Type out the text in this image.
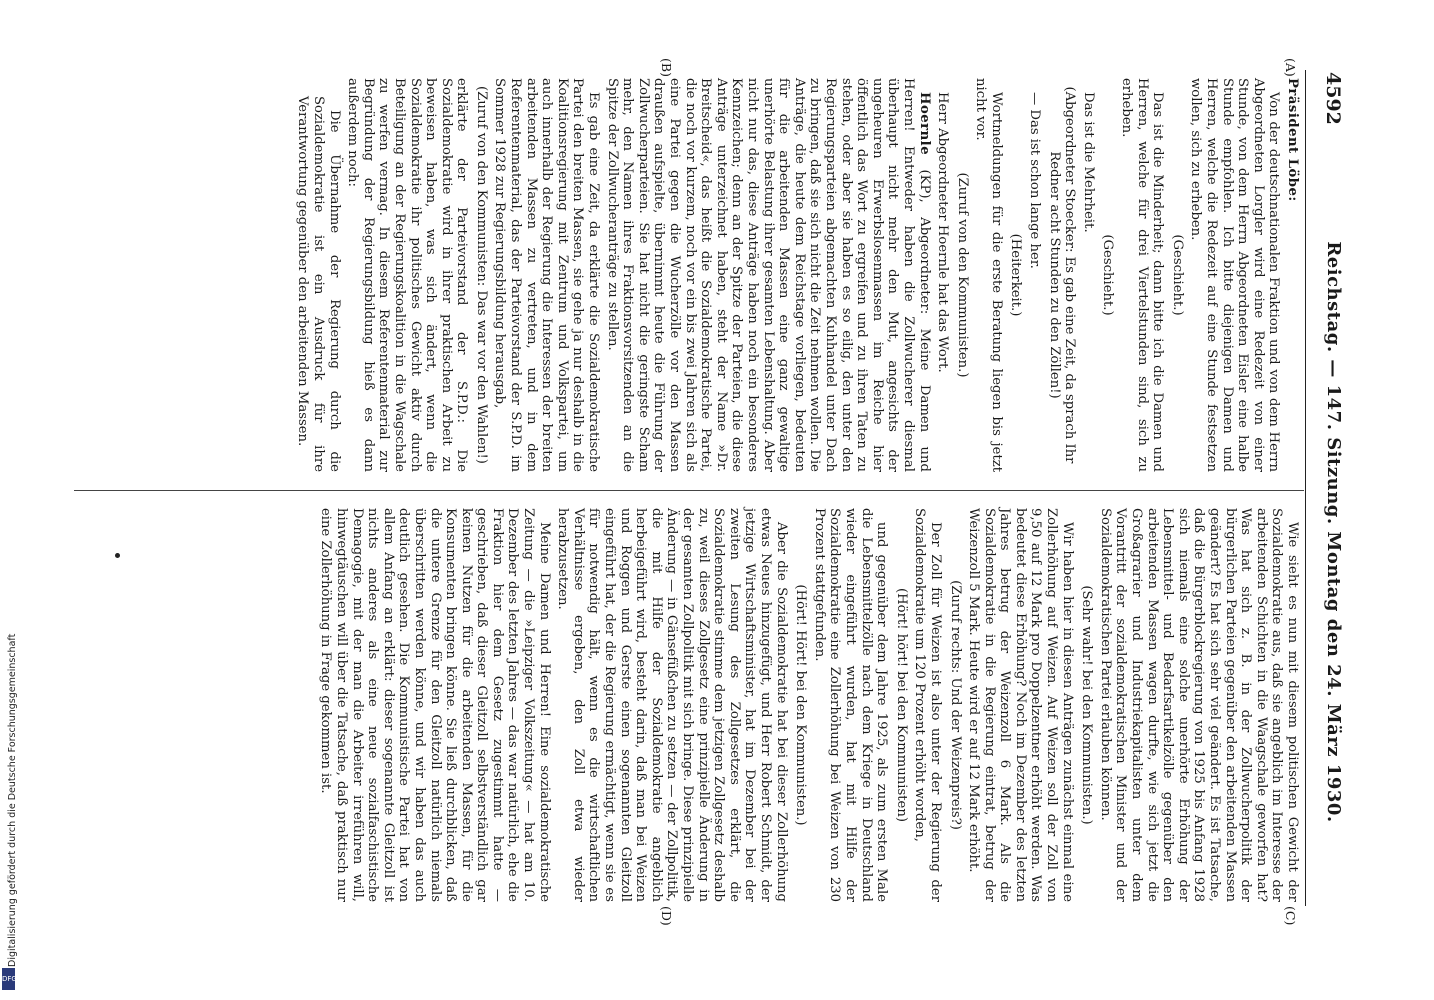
4592
Reichstag. — 147. Sitzung. Montag den 24. März 1930.
(A)
(B)
(C)
(D)

Präsident Löbe:

Von der deutschnationalen Fraktion und von dem Herrn Abgeordneten Lorgler wird eine Redezeit von einer Stunde, von dem Herrn Abgeordneten Eisler eine halbe Stunde empfohlen. Ich bitte diejenigen Damen und Herren, welche die Redezeit auf eine Stunde festsetzen wollen, sich zu erheben.

(Geschieht.)

Das ist die Minderheit; dann bitte ich die Damen und Herren, welche für drei Viertelstunden sind, sich zu erheben.

(Geschieht.)

Das ist die Mehrheit.

(Abgeordneter Stoecker: Es gab eine Zeit, da sprach Ihr Redner acht Stunden zu den Zöllen!)

— Das ist schon lange her.

(Heiterkeit.)

Wortmeldungen für die erste Beratung liegen bis jetzt nicht vor.

(Zuruf von den Kommunisten.)

Herr Abgeordneter Hoernle hat das Wort.

Hoernle (KP), Abgeordneter: Meine Damen und Herren! Entweder haben die Zollwucherer diesmal überhaupt nicht mehr den Mut, angesichts der ungeheuren Erwerbslosenmassen im Reiche hier öffentlich das Wort zu ergreifen und zu ihren Taten zu stehen, oder aber sie haben es so eilig, den unter den Regierungsparteien abgemachten Kuhhandel unter Dach zu bringen, daß sie sich nicht die Zeit nehmen wollen. Die Anträge, die heute dem Reichstage vorliegen, bedeuten für die arbeitenden Massen eine ganz gewaltige unerhörte Belastung ihrer gesamten Lebenshaltung. Aber nicht nur das, diese Anträge haben noch ein besonderes Kennzeichen; denn an der Spitze der Parteien, die diese Anträge unterzeichnet haben, steht der Name »Dr. Breitscheid«, das heißt die Sozialdemokratische Partei, die noch vor kurzem, noch vor ein bis zwei Jahren sich als eine Partei gegen die Wucherzölle vor den Massen draußen aufspielte, übernimmt heute die Führung der Zollwucherparteien. Sie hat nicht die geringste Scham mehr, den Namen ihres Fraktionsvorsitzenden an die Spitze der Zollwucheranträge zu stellen.

Es gab eine Zeit, da erklärte die Sozialdemokratische Partei den breiten Massen, sie gehe ja nur deshalb in die Koalitionsregierung mit Zentrum und Volkspartei, um auch innerhalb der Regierung die Interessen der breiten arbeitenden Massen zu vertreten, und in dem Referentenmaterial, das der Parteivorstand der S.P.D. im Sommer 1928 zur Regierungsbildung herausgab,

(Zuruf von den Kommunisten: Das war vor den Wahlen!)

erklärte der Parteivorstand der S.P.D.: Die Sozialdemokratie wird in ihrer praktischen Arbeit zu beweisen haben, was sich ändert, wenn die Sozialdemokratie ihr politisches Gewicht aktiv durch Beteiligung an der Regierungskoalition in die Wagschale zu werfen vermag. In diesem Referentenmaterial zur Begründung der Regierungsbildung hieß es dann außerdem noch:

Die Übernahme der Regierung durch die Sozialdemokratie ist ein Ausdruck für ihre Verantwortung gegenüber den arbeitenden Massen.

Wie sieht es nun mit diesem politischen Gewicht der Sozialdemokratie aus, daß sie angeblich im Interesse der arbeitenden Schichten in die Waagschale geworfen hat? Was hat sich z. B. in der Zollwucherpolitik der bürgerlichen Parteien gegenüber den arbeitenden Massen geändert? Es hat sich sehr viel geändert. Es ist Tatsache, daß die Bürgerblockregierung von 1925 bis Anfang 1928 sich niemals eine solche unerhörte Erhöhung der Lebensmittel- und Bedarfsartikelzölle gegenüber den arbeitenden Massen wagen durfte, wie sich jetzt die Großagrarier und Industriekapitalisten unter dem Vorantritt der sozialdemokratischen Minister und der Sozialdemokratischen Partei erlauben können.

(Sehr wahr! bei den Kommunisten.)

Wir haben hier in diesen Anträgen zunächst einmal eine Zollerhöhung auf Weizen. Auf Weizen soll der Zoll von 9,50 auf 12 Mark pro Doppelzentner erhöht werden. Was bedeutet diese Erhöhung? Noch im Dezember des letzten Jahres betrug der Weizenzoll 6 Mark. Als die Sozialdemokratie in die Regierung eintrat, betrug der Weizenzoll 5 Mark. Heute wird er auf 12 Mark erhöht.

(Zuruf rechts: Und der Weizenpreis?)

Der Zoll für Weizen ist also unter der Regierung der Sozialdemokratie um 120 Prozent erhöht worden,

(Hört! hört! bei den Kommunisten)

und gegenüber dem Jahre 1925, als zum ersten Male die Lebensmittelzölle nach dem Kriege in Deutschland wieder eingeführt wurden, hat mit Hilfe der Sozialdemokratie eine Zollerhöhung bei Weizen von 230 Prozent stattgefunden.

(Hört! Hört! bei den Kommunisten.)

Aber die Sozialdemokratie hat bei dieser Zollerhöhung etwas Neues hinzugefügt, und Herr Robert Schmidt, der jetzige Wirtschaftsminister, hat im Dezember bei der zweiten Lesung des Zollgesetzes erklärt, die Sozialdemokratie stimme dem jetzigen Zollgesetz deshalb zu, weil dieses Zollgesetz eine prinzipielle Änderung in der gesamten Zollpolitik mit sich bringe. Diese prinzipielle Änderung — in Gänsefüßchen zu setzen — der Zollpolitik, die mit Hilfe der Sozialdemokratie angeblich herbeigeführt wird, besteht darin, daß man bei Weizen und Roggen und Gerste einen sogenannten Gleitzoll eingeführt hat, der die Regierung ermächtigt, wenn sie es für notwendig hält, wenn es die wirtschaftlichen Verhältnisse ergeben, den Zoll etwa wieder herabzusetzen.

Meine Damen und Herren! Eine sozialdemokratische Zeitung — die »Leipziger Volkszeitung« — hat am 10. Dezember des letzten Jahres — das war natürlich, ehe die Fraktion hier dem Gesetz zugestimmt hatte — geschrieben, daß dieser Gleitzoll selbstverständlich gar keinen Nutzen für die arbeitenden Massen, für die Konsumenten bringen könne. Sie ließ durchblicken, daß die untere Grenze für den Gleitzoll natürlich niemals überschritten werden könne, und wir haben das auch deutlich gesehen. Die Kommunistische Partei hat von allem Anfang an erklärt: dieser sogenannte Gleitzoll ist nichts anderes als eine neue sozialfaschistische Demagogie, mit der man die Arbeiter irreführen will, hinwegtäuschen will über die Tatsache, daß praktisch nur eine Zollerhöhung in Frage gekommen ist.

DFG
Digitalisierung gefördert durch die Deutsche Forschungsgemeinschaft
